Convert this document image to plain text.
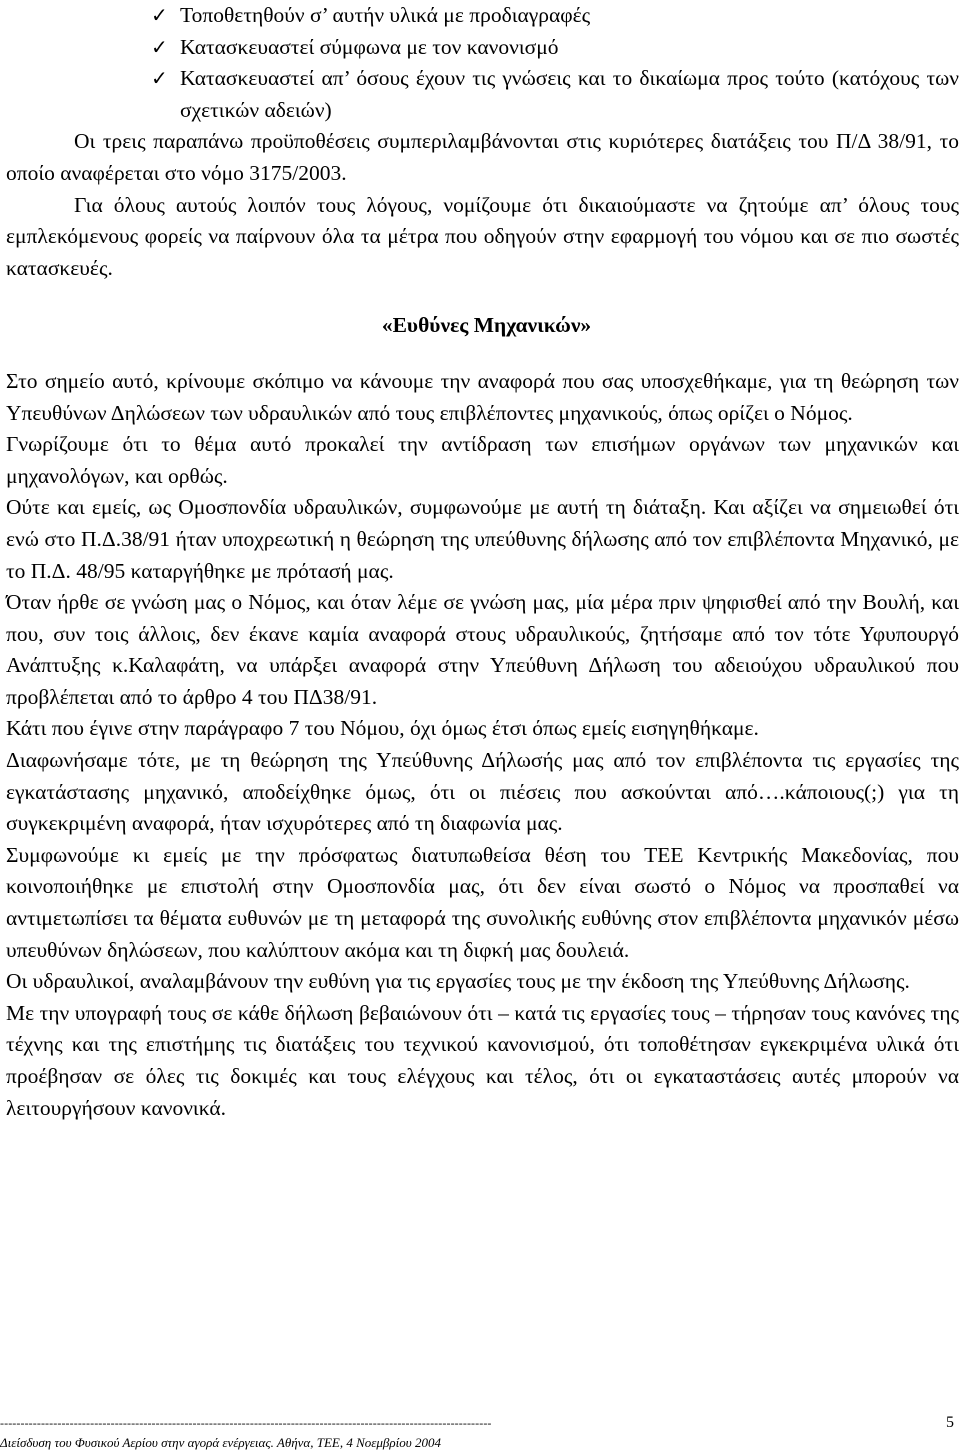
✓ Τοποθετηθούν σ’ αυτήν υλικά με προδιαγραφές
✓ Κατασκευαστεί σύμφωνα με τον κανονισμό
✓ Κατασκευαστεί απ’ όσους έχουν τις γνώσεις και το δικαίωμα προς τούτο (κατόχους των σχετικών αδειών)

Οι τρεις παραπάνω προϋποθέσεις συμπεριλαμβάνονται στις κυριότερες διατάξεις του Π/Δ 38/91, το οποίο αναφέρεται στο νόμο 3175/2003.

Για όλους αυτούς λοιπόν τους λόγους, νομίζουμε ότι δικαιούμαστε να ζητούμε απ’ όλους τους εμπλεκόμενους φορείς να παίρνουν όλα τα μέτρα που οδηγούν στην εφαρμογή του νόμου και σε πιο σωστές κατασκευές.

«Ευθύνες Μηχανικών»

Στο σημείο αυτό, κρίνουμε σκόπιμο να κάνουμε την αναφορά που σας υποσχεθήκαμε, για τη θεώρηση των Υπευθύνων Δηλώσεων των υδραυλικών από τους επιβλέποντες μηχανικούς, όπως ορίζει ο Νόμος.

Γνωρίζουμε ότι το θέμα αυτό προκαλεί την αντίδραση των επισήμων οργάνων των μηχανικών και μηχανολόγων, και ορθώς.

Ούτε και εμείς, ως Ομοσπονδία υδραυλικών, συμφωνούμε με αυτή τη διάταξη. Και αξίζει να σημειωθεί ότι ενώ στο Π.Δ.38/91 ήταν υποχρεωτική η θεώρηση της υπεύθυνης δήλωσης από τον επιβλέποντα Μηχανικό, με το Π.Δ. 48/95 καταργήθηκε με πρότασή μας.

Όταν ήρθε σε γνώση μας ο Νόμος, και όταν λέμε σε γνώση μας, μία μέρα πριν ψηφισθεί από την Βουλή, και που, συν τοις άλλοις, δεν έκανε καμία αναφορά στους υδραυλικούς, ζητήσαμε από τον τότε Υφυπουργό Ανάπτυξης κ.Καλαφάτη, να υπάρξει αναφορά στην Υπεύθυνη Δήλωση του αδειούχου υδραυλικού που προβλέπεται από το άρθρο 4 του ΠΔ38/91.

Κάτι που έγινε στην παράγραφο 7 του Νόμου, όχι όμως έτσι όπως εμείς εισηγηθήκαμε.

Διαφωνήσαμε τότε, με τη θεώρηση της Υπεύθυνης Δήλωσής μας από τον επιβλέποντα τις εργασίες της εγκατάστασης μηχανικό, αποδείχθηκε όμως, ότι οι πιέσεις που ασκούνται από….κάποιους(;) για τη συγκεκριμένη αναφορά, ήταν ισχυρότερες από τη διαφωνία μας.

Συμφωνούμε κι εμείς με την πρόσφατως διατυπωθείσα θέση του ΤΕΕ Κεντρικής Μακεδονίας, που κοινοποιήθηκε με επιστολή στην Ομοσπονδία μας, ότι δεν είναι σωστό ο Νόμος να προσπαθεί να αντιμετωπίσει τα θέματα ευθυνών με τη μεταφορά της συνολικής ευθύνης στον επιβλέποντα μηχανικόν μέσω υπευθύνων δηλώσεων, που καλύπτουν ακόμα και τη διφκή μας δουλειά.

Οι υδραυλικοί, αναλαμβάνουν την ευθύνη για τις εργασίες τους με την έκδοση της Υπεύθυνης Δήλωσης.

Με την υπογραφή τους σε κάθε δήλωση βεβαιώνουν ότι – κατά τις εργασίες τους – τήρησαν τους κανόνες της τέχνης και της επιστήμης τις διατάξεις του τεχνικού κανονισμού, ότι τοποθέτησαν εγκεκριμένα υλικά ότι προέβησαν σε όλες τις δοκιμές και τους ελέγχους και τέλος, ότι οι εγκαταστάσεις αυτές μπορούν να λειτουργήσουν κανονικά.

------------------------------------------------------------------------------------------------------------------------
Διείσδυση του Φυσικού Αερίου στην αγορά ενέργειας. Αθήνα, ΤΕΕ, 4 Νοεμβρίου 2004
5
